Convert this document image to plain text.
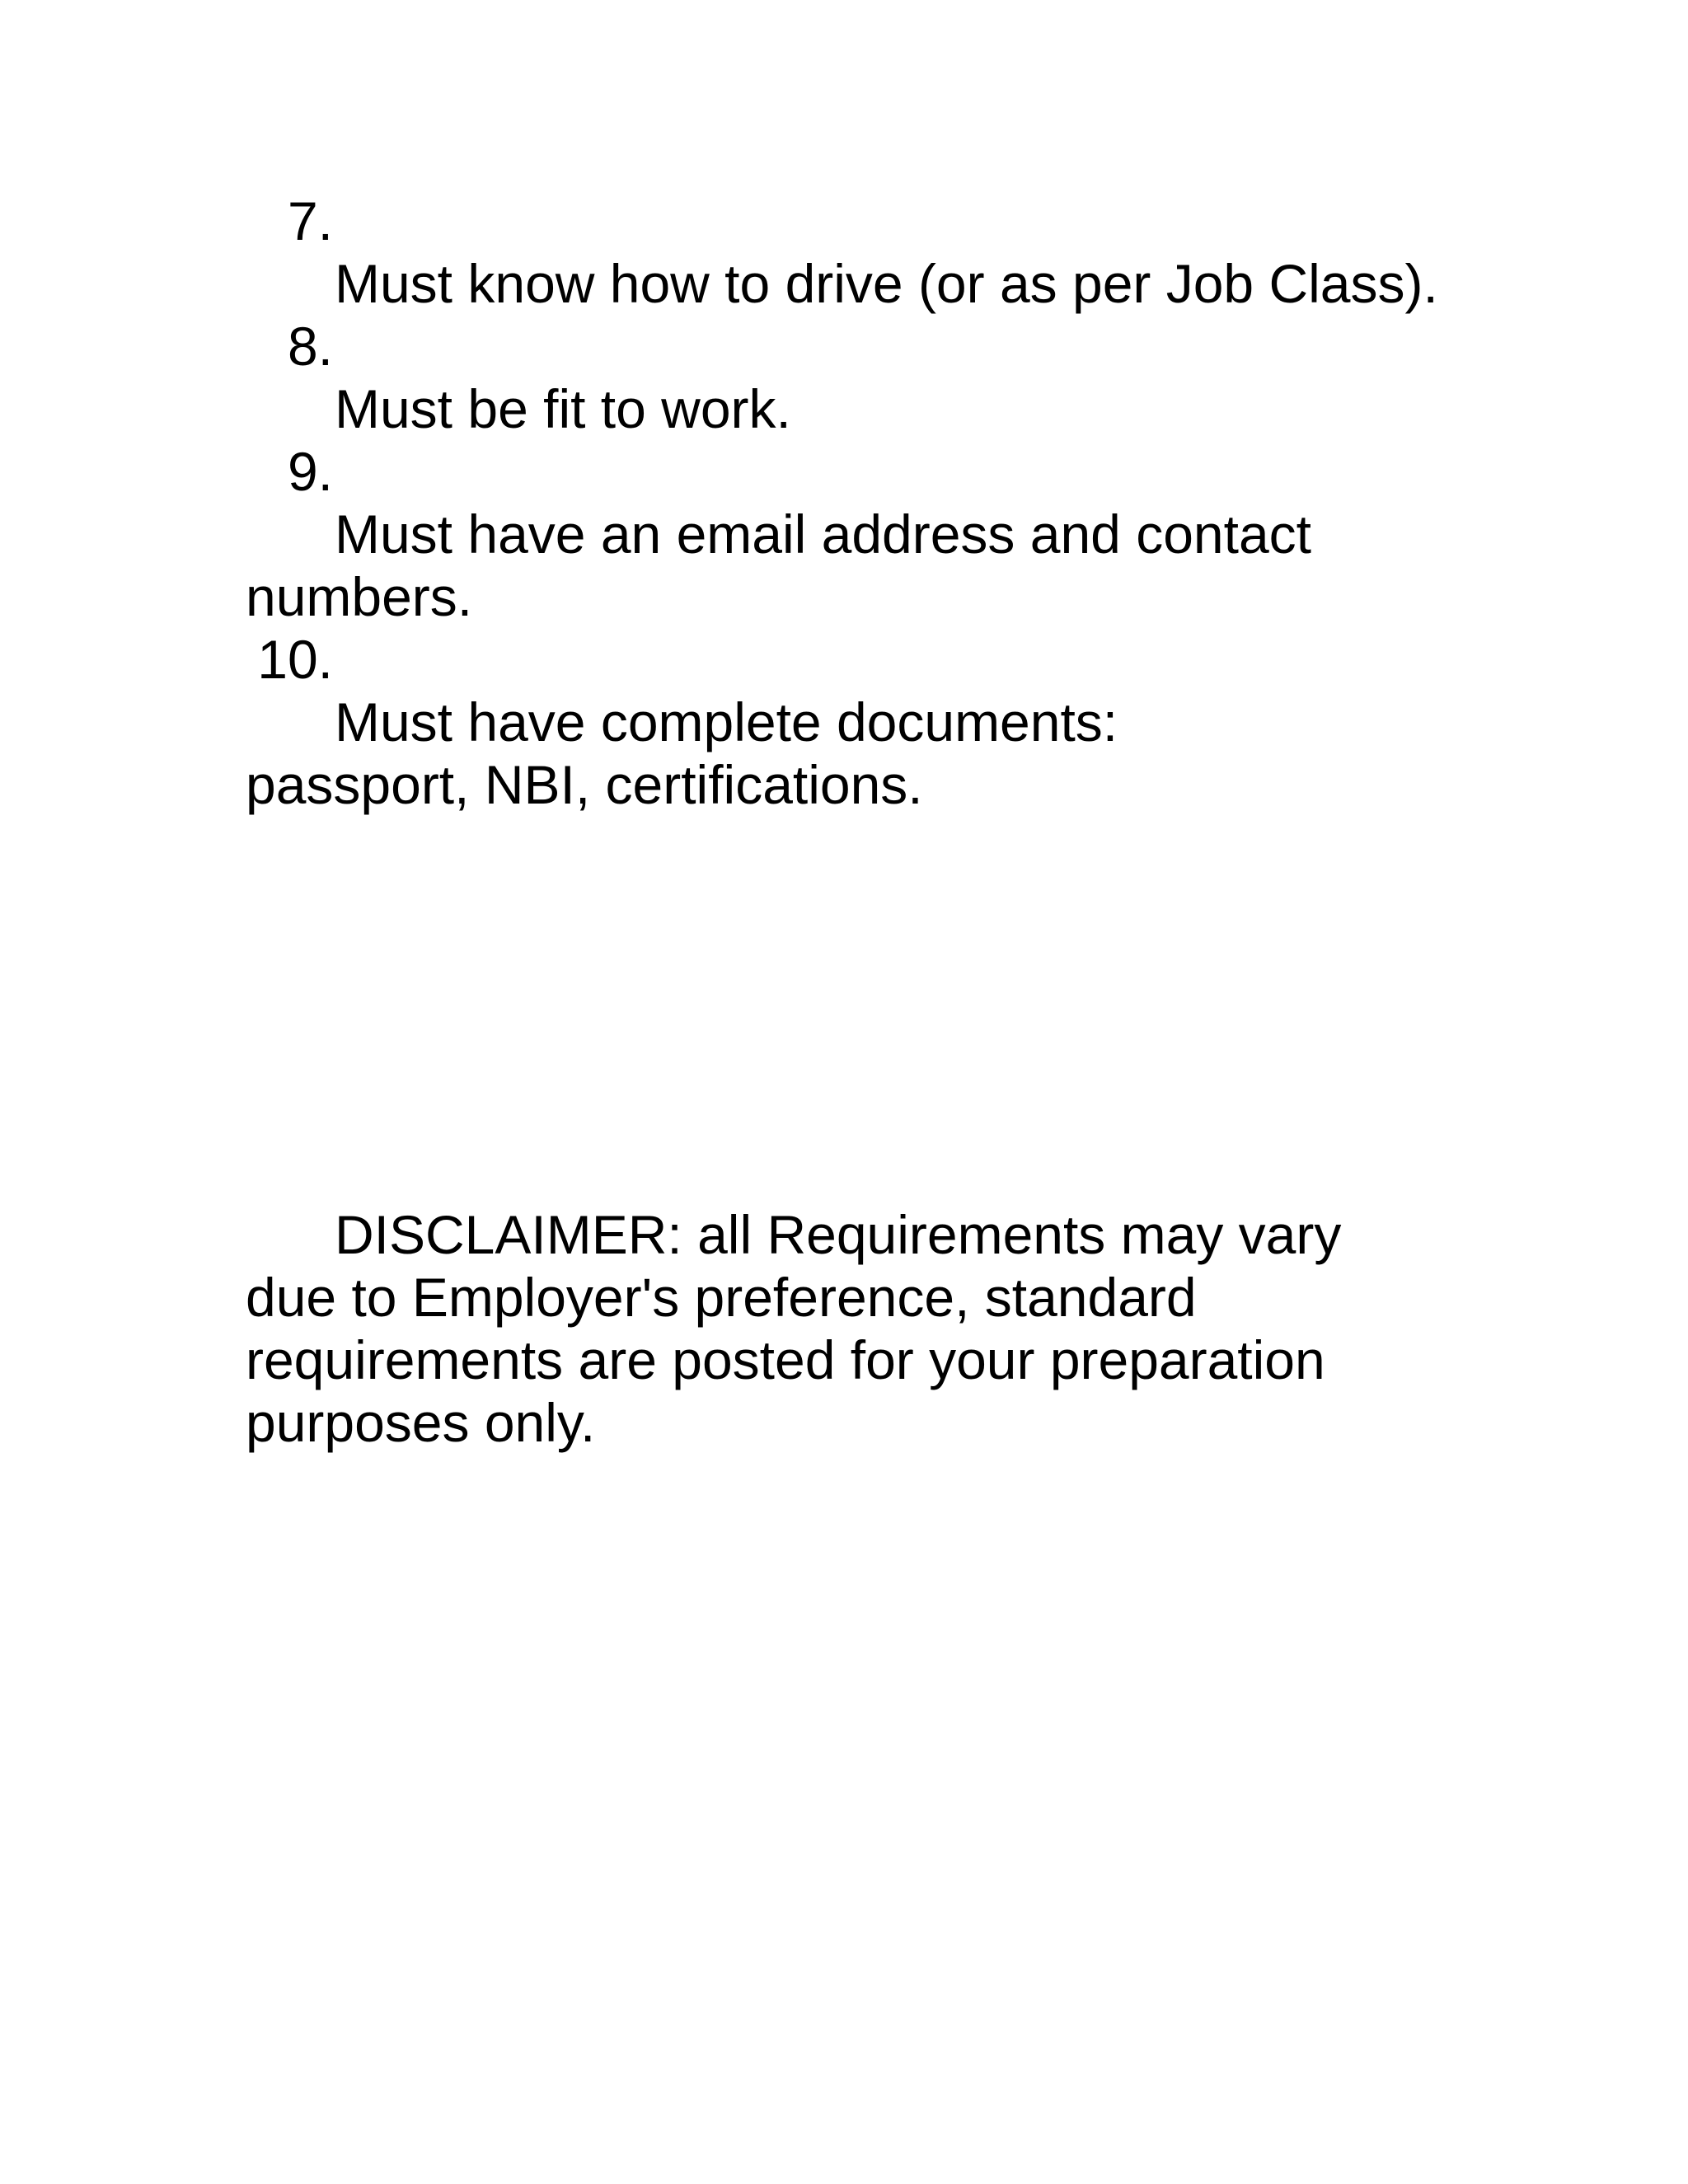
7.
Must know how to drive (or as per Job Class).
8.
Must be fit to work.
9.
Must have an email address and contact numbers.
10.
Must have complete documents: passport, NBI, certifications.

DISCLAIMER: all Requirements may vary due to Employer's preference, standard requirements are posted for your preparation purposes only.
